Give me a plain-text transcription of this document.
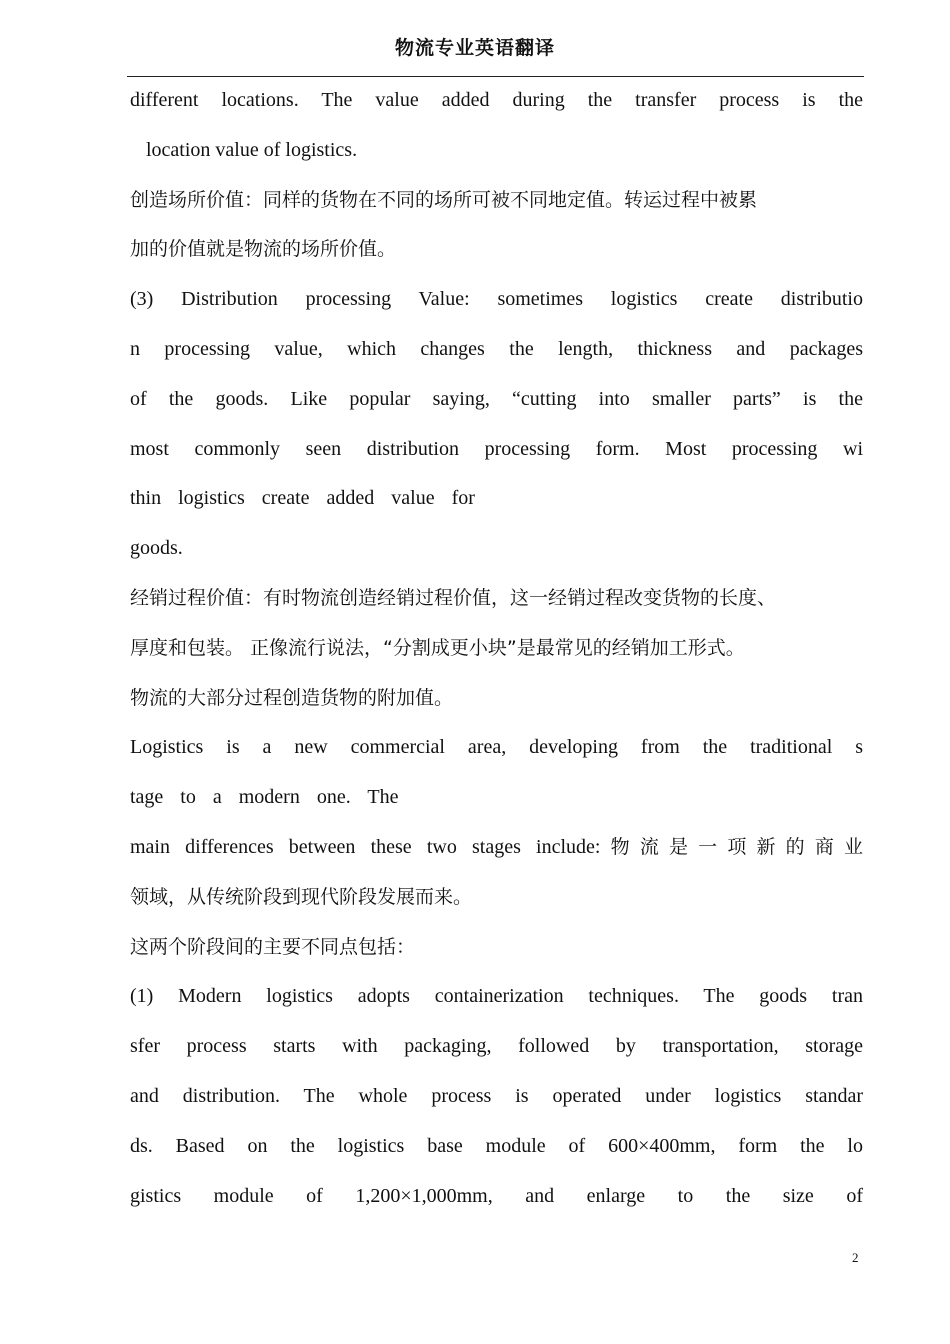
物流专业英语翻译
different locations. The value added during the transfer process is the
location value of logistics.
创造场所价值：同样的货物在不同的场所可被不同地定值。转运过程中被累
加的价值就是物流的场所价值。
(3) Distribution processing Value: sometimes logistics create distributio
n processing value, which changes the length, thickness and packages
of the goods. Like popular saying, “cutting into smaller parts” is the
most commonly seen distribution processing form. Most processing wi
thin logistics create added value for
goods.
经销过程价值：有时物流创造经销过程价值，这一经销过程改变货物的长度、
厚度和包装。 正像流行说法，“分割成更小块”是最常见的经销加工形式。
物流的大部分过程创造货物的附加值。
Logistics is a new commercial area, developing from the traditional s
tage to a modern one. The
main differences between these two stages include:物流是一项新的商业
领域，从传统阶段到现代阶段发展而来。
这两个阶段间的主要不同点包括：
(1) Modern logistics adopts containerization techniques. The goods tran
sfer process starts with packaging, followed by transportation, storage
and distribution. The whole process is operated under logistics standar
ds. Based on the logistics base module of 600×400mm, form the lo
gistics module of 1,200×1,000mm, and enlarge to the size of
2
